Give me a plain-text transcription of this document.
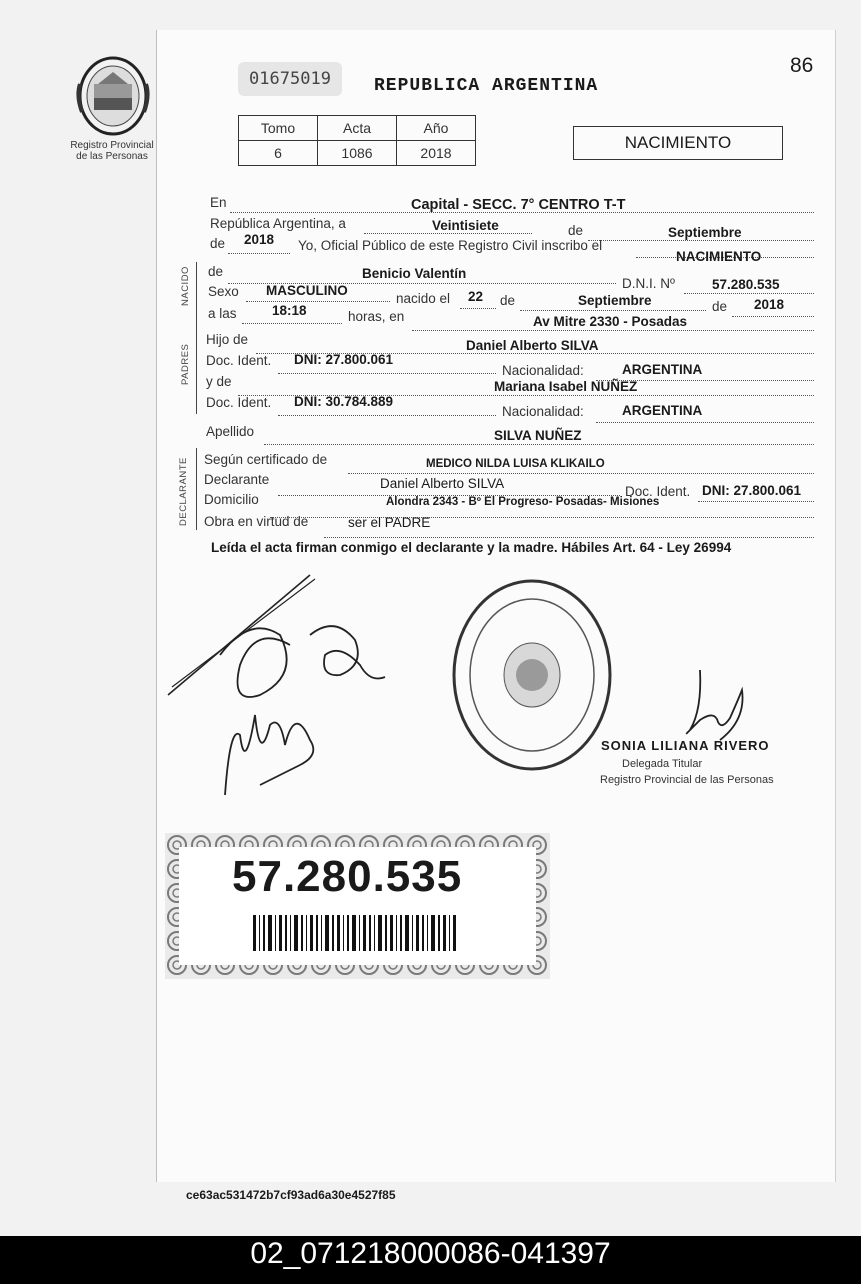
Registro Provincial
de las Personas
01675019	REPUBLICA ARGENTINA
86
Tomo	Acta	Año
6	1086	2018
NACIMIENTO
En	Capital - SECC. 7° CENTRO T-T
República Argentina, a	Veintisiete	de	Septiembre
de 2018 Yo, Oficial Público de este Registro Civil inscribo el
NACIMIENTO
NACIDO de	Benicio Valentín
D.N.I. Nº	57.280.535
Sexo MASCULINO
nacido el 22 de	Septiembre	de 2018
a las	18:18	horas, en	Av Mitre 2330 - Posadas
PADRES
Hijo de	Daniel Alberto SILVA
Doc. Ident. DNI: 27.800.061
Nacionalidad:	ARGENTINA
y de	Mariana Isabel NUÑEZ
Doc. Ident. DNI: 30.784.889
Nacionalidad:	ARGENTINA
Apellido	SILVA NUÑEZ
DECLARANTE Según certificado de	MEDICO NILDA LUISA KLIKAILO
Declarante	Daniel Alberto SILVA
Doc. Ident. DNI: 27.800.061
Domicilio	Alondra 2343 - Bº El Progreso- Posadas- Misiones
Obra en virtud de	ser el PADRE
Leída el acta firman conmigo el declarante y la madre. Hábiles Art. 64 - Ley 26994
SONIA LILIANA RIVERO
Delegada Titular
Registro Provincial de las Personas
57.280.535
ce63ac531472b7cf93ad6a30e4527f85
02_071218000086-041397
